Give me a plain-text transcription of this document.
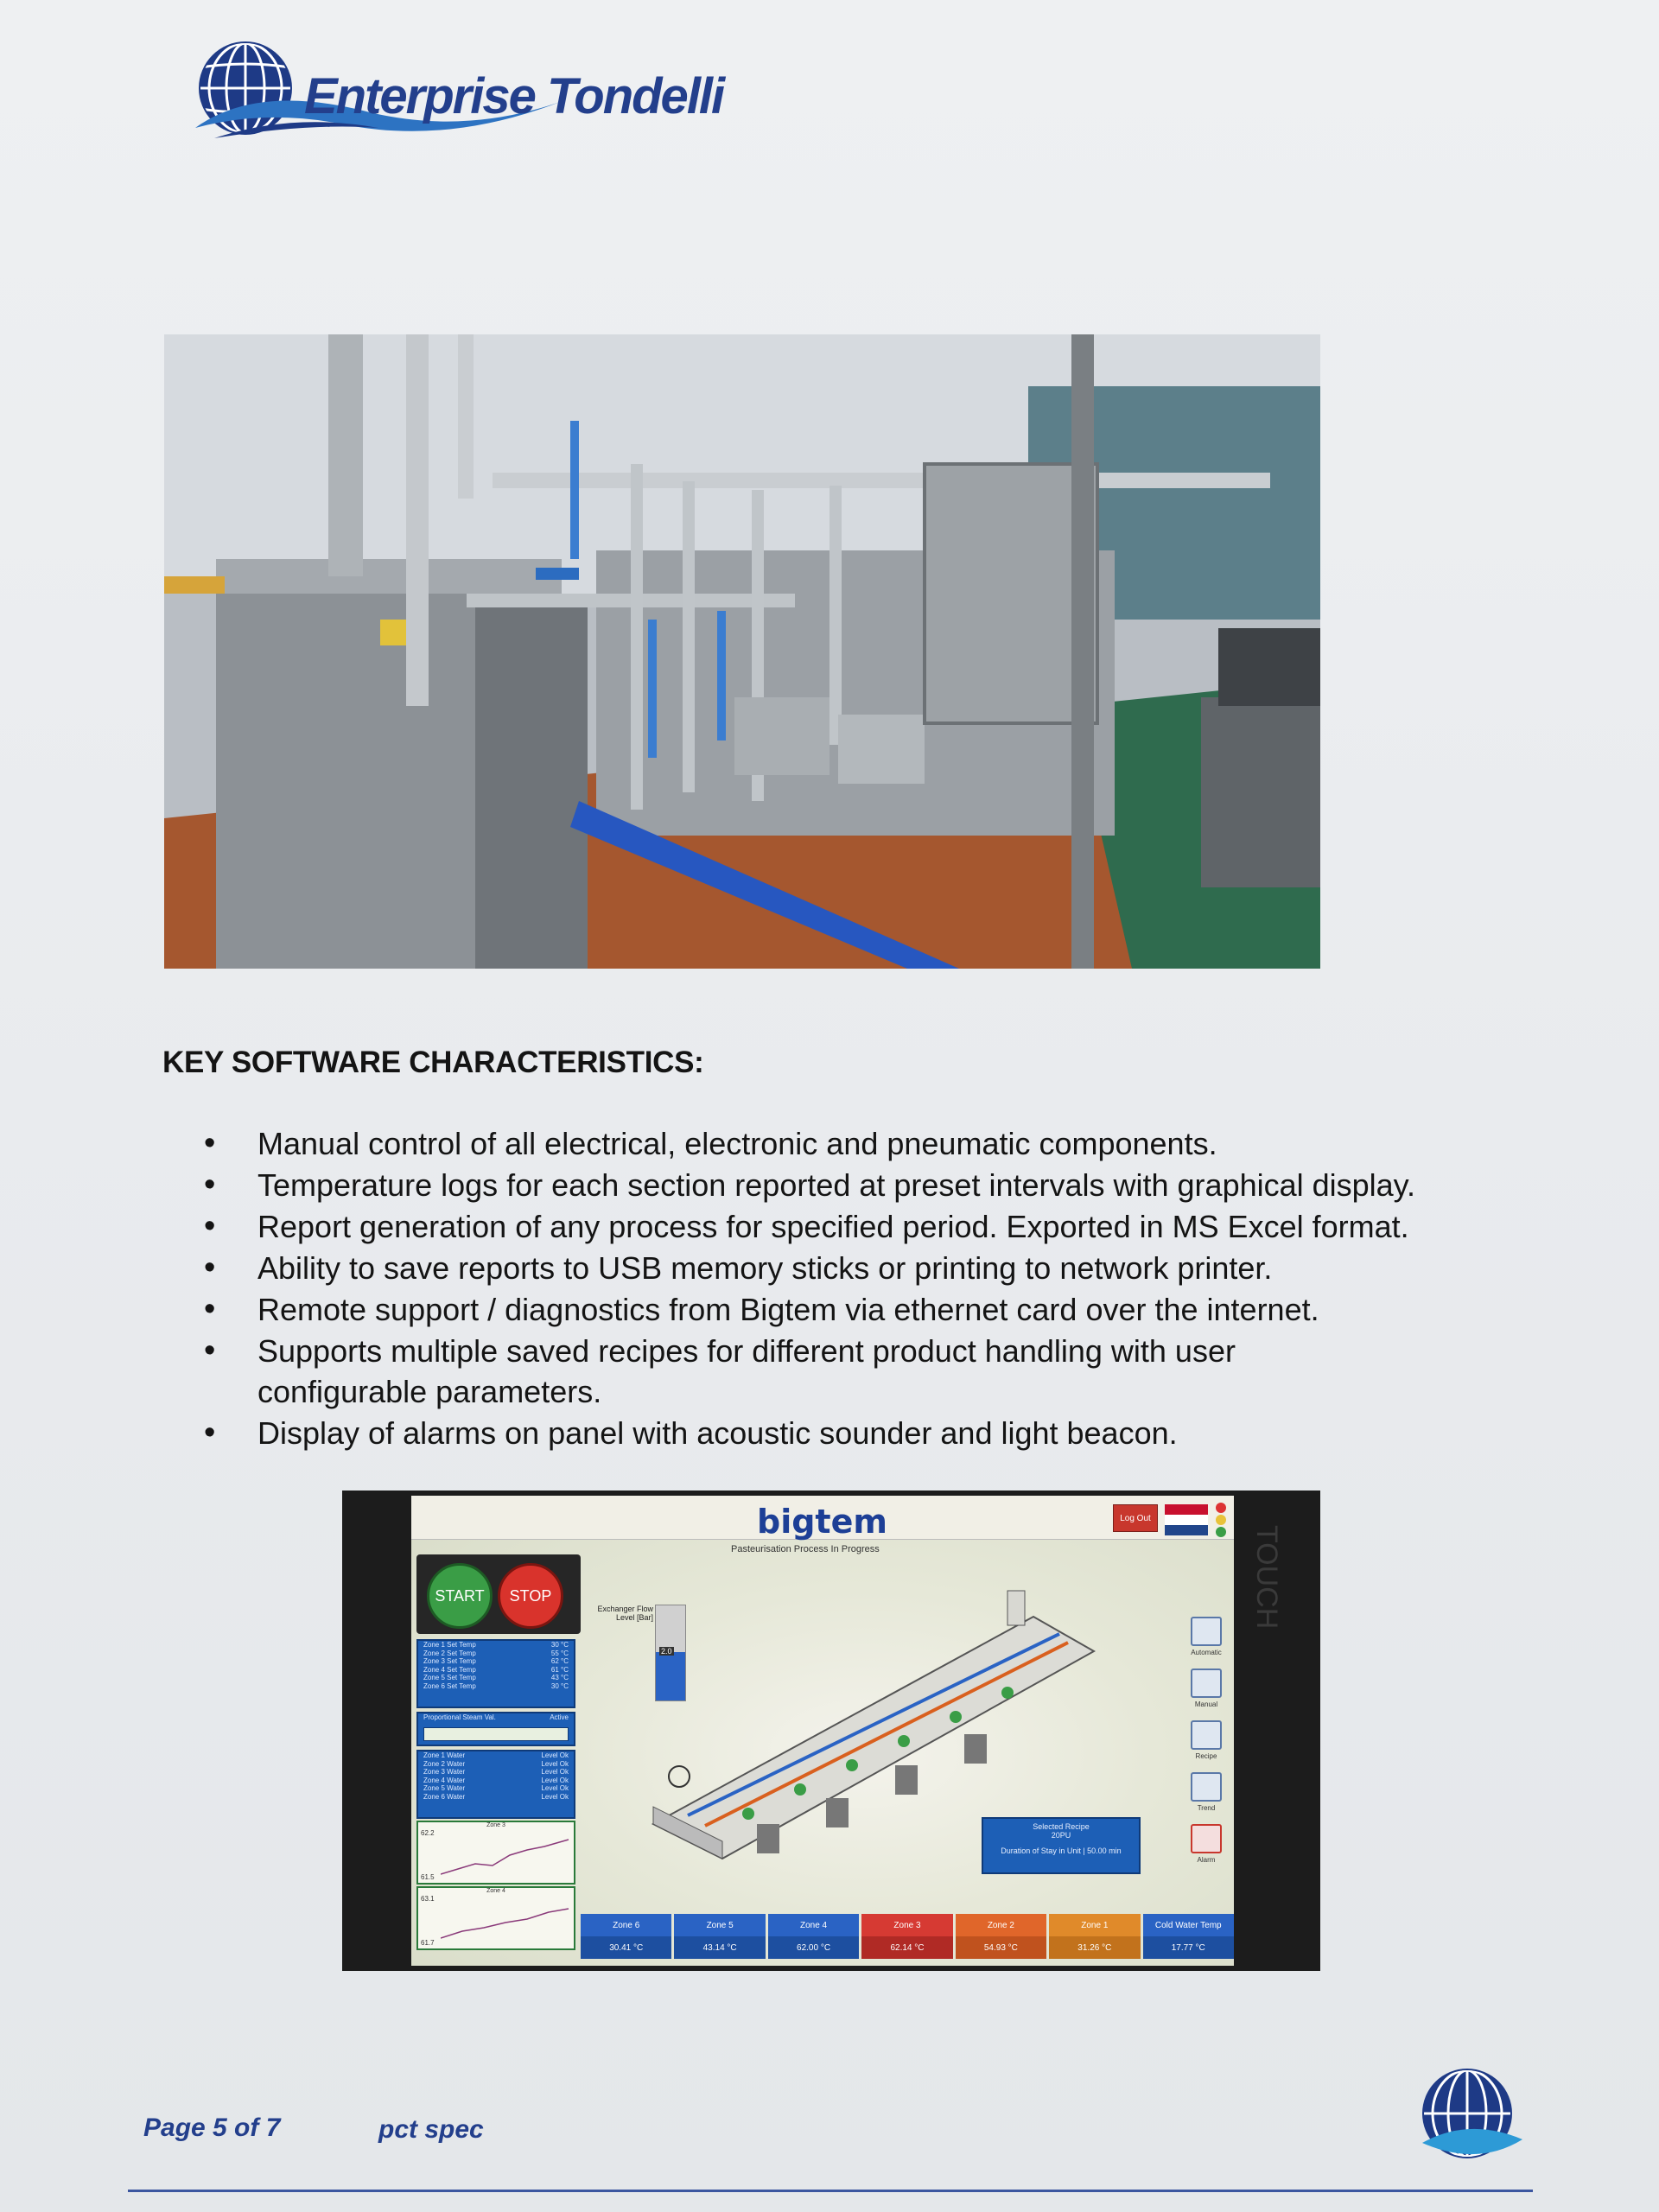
Enterprise Tondelli
KEY SOFTWARE CHARACTERISTICS:
• Manual control of all electrical, electronic and pneumatic components.
• Temperature logs for each section reported at preset intervals with graphical display.
• Report generation of any process for specified period. Exported in MS Excel format.
• Ability to save reports to USB memory sticks or printing to network printer.
• Remote support / diagnostics from Bigtem via ethernet card over the internet.
• Supports multiple saved recipes for different product handling with user configurable parameters.
• Display of alarms on panel with acoustic sounder and light beacon.
TOUCH
bigtem
Pasteurisation Process In Progress
Log Out
START	STOP
Zone 1 Set Temp	30 °C
Zone 2 Set Temp	55 °C
Zone 3 Set Temp	62 °C
Zone 4 Set Temp	61 °C
Zone 5 Set Temp	43 °C
Zone 6 Set Temp	30 °C
Proportional Steam Val.	Active
Zone 1 Water	Level Ok
Zone 2 Water	Level Ok
Zone 3 Water	Level Ok
Zone 4 Water	Level Ok
Zone 5 Water	Level Ok
Zone 6 Water	Level Ok
Zone 3
62.2
61.5
Zone 4
63.1
61.7
Exchanger Flow Level [Bar]
2.0	Automatic
Manual
Recipe
Trend
Alarm
Selected Recipe
20PU
Duration of Stay in Unit | 50.00 min
Zone 6
30.41 °C
Zone 5
43.14 °C
Zone 4
62.00 °C
Zone 3
62.14 °C
Zone 2
54.93 °C
Zone 1
31.26 °C
Cold Water Temp
17.77 °C
Page 5 of 7	pct spec
